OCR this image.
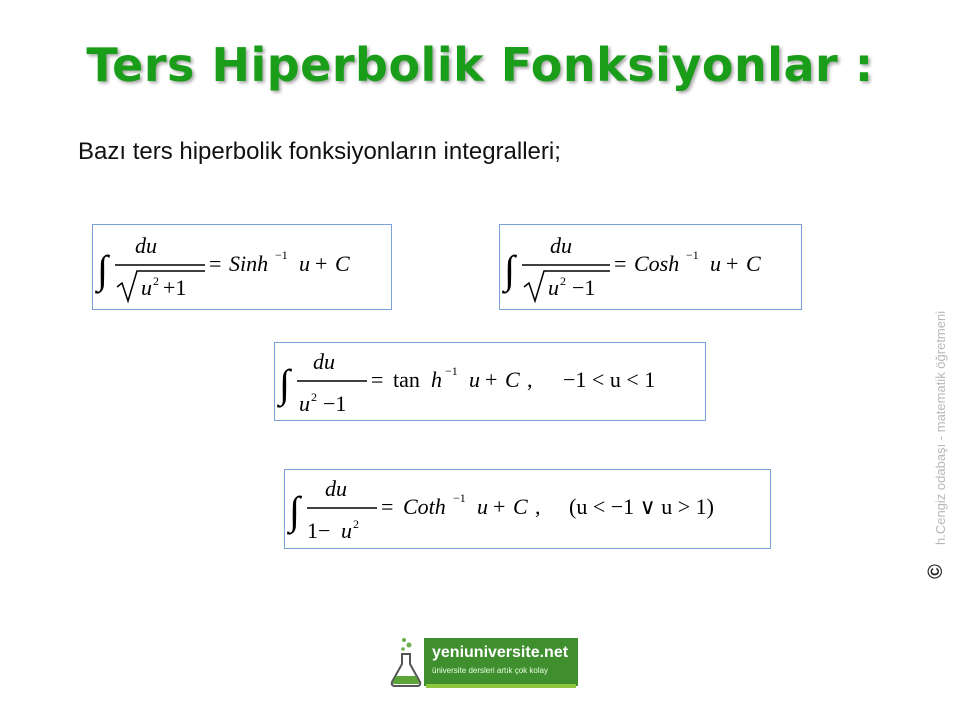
Ters Hiperbolik Fonksiyonlar :
Bazı ters hiperbolik fonksiyonların integralleri;
∫
du
u 2 +1
= Sinh −1 u + C	∫
du
u 2 −1
= Cosh −1 u + C
∫ du
u 2 −1
= tan h −1 u + C , −1 < u < 1
∫ du
1− u 2
= Coth −1 u + C , (u < −1 ∨ u > 1)	h.Cengiz odabaşı - matematik öğretmeni
©
yeniuniversite.net
üniversite dersleri artık çok kolay
